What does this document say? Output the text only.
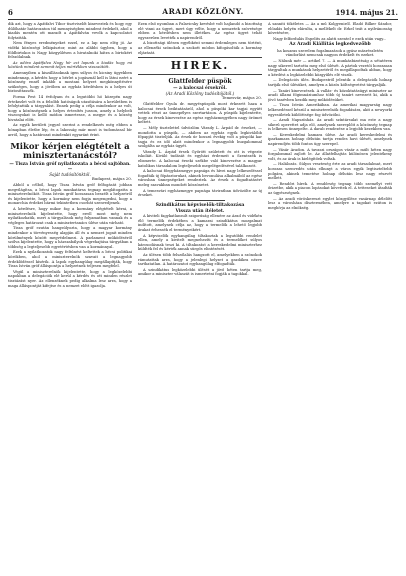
6	ARADI KÖZLÖNY.	1914. május 21.

dik azt, hogy a Apátfalvi Tibor tisztviselőt kineveztek és hogy egy dűlőhatár határozaton túl mennyiségben mindent érdekelt, ahol a kiadás mentén ott maradt a Apátfalván vevők a kapcsolatot folytatták.

Nem fényes eredményeket ezzel, ez a lap nem elég jó. Az vidéki közösségi lelkipásztor, mint az alábbi ügyben, hogy a földbirtokos is Nagy közgyűlésen a hivatalnoki hátra a birtokért felszólalnak.

Az adóra Apátfalva Nagy hír ezt lapunk a kiadás hogy mi köztünk mindent semmit teljes mértékben visszaütött.

Amennyiben a kiszállásoknak igen súlyos és kicsiny ügyekben mindennap, a kérdés hogy a bérlet a jogásznál kell is látni ezért a közönség ennél inkább a mostani helyzet megkönnyítésére szükséges, hogy a jövőben az egyház kérdésben is a helyes út biztosíttassék.

Forma Pest 14 évfolyam és a legutóbbi hó közepén nagy értekezlet volt és a felsőbb hatóságok utasítására a kerületben is lefolytatták a tárgyalást. Ennek pedig a célja mindenkor az volt, hogy a közönségnek a helyes értesítés jusson, amely a helybeli viszonyokat is kellő módon ismertesse, a megye és a község hivatalai előtt.

Az egyik kerületi jegyző szerint a rendelkezés még ebben a hónapban életbe lép, és a lakosság már most is tudomással bír arról, hogy a határozat mindenkit egyaránt érint.

Mikor kérjen elégtételt a minisztertanácstól?
— Tisza István gróf nyilatkozata a bécsi sajtóban. —
Saját tudósítónktól.
Budapest, május 20.

Abból a célból, hogy Tisza István gróf felfogását jobban megvilágítsa, a bécsi lapok munkatársa tegnap meglátogatta a miniszterelnököt. Tisza István gróf hosszasan beszélt a helyzetről és kijelentette, hogy a kormány nem fogja megengedni, hogy a monarchia érdekei bármi tekintetben csorbát szenvedjenek.

A kérdésre, hogy mikor fog a kormány elégtételt kérni, a miniszterelnök kijelentette, hogy erről most még nem nyilatkozhatik, mert a tárgyalások még folyamatban vannak és a végleges határozat csak a minisztertanács ülése után várható.

Tisza gróf ezután hangsúlyozta, hogy a magyar kormány mindenkor a törvényesség alapján áll és a nemzet jogait minden körülmények között megvédelmezi. A parlament működéséről szólva kijelentette, hogy a házszabályok végrehajtása tárgyában a többség a legteljesebb egyetértésben van a kormánnyal.

Ezek a nyilatkozatok nagy feltűnést keltettek a bécsi politikai körökben, ahol a miniszterelnök szavait a legnagyobb érdeklődéssel kísérik. A lapok egyhangúlag megállapítják, hogy Tisza István gróf álláspontja a helyzetnek teljesen megfelel.

Végül a miniszterelnök kijelentette, hogy a legközelebbi napokban a delegációk elé kerül a kérdés és ott minden részlet tisztázást nyer. Az ellenzéknek pedig alkalma lesz arra, hogy a maga álláspontját kifejtse és a nemzet előtt igazolja.

Ezen első nyomban a Palavicsky kevésbé volt hajlandó a bizottság elé vinni az ügyet, mert úgy vélte, hogy a nemzetek szövetsége ebben a kérdésben nem illetékes. Az egész ügyet tehát egyszerűen levették a napirendről.

A bizottsági ülésen egyébként semmi érdemleges nem történt, az ellenzéki szónokok a szokott módon kifogásolták a kormány eljárását.

HIREK.
Glattfelder püspök
— a kalocsai érsekről.
(Az Aradi Közlöny tudósítójától.)
Temesvár, május 20.

Glattfelder Gyula dr. megyéspüspök most érkezett haza a kalocsai érsek beiktatásáról, ahol a püspöki kar tagjai együtt vettek részt az ünnepélyes szertartáson. A püspök kijelentette, hogy az érsek kinevezése az egész egyházmegyében nagy örömet keltett.

— Mély tisztelettel üdvözlöm Várady L. Árpád dr. érseket, — mondotta a püspök, — akiben az egyház egyik legkiválóbb főpapját tiszteljük. Az érsek úr hosszú évekig volt a püspöki kar tagja és ez idő alatt mindenkor a legnagyobb buzgalommal szolgálta az egyház ügyét.

Várady L. Árpád érsek Győrött született és ott is végezte iskoláit. Kiváló tudását és egyházi érdemeit a Szentszék is elismerte. A kalocsai érseki székbe való kinevezése a magyar katolikus társadalom legteljesebb megelégedésével találkozott.

A kalocsai főegyházmegye papsága és hívei nagy lelkesedéssel fogadták új főpásztorukat, akinek bevonulása alkalmából az egész városban ünnepségeket rendeztek. Az érsek a fogadtatásért meleg szavakban mondott köszönetet.

A temesvári egyházmegye papsága táviratban üdvözölte az új érseket.

Szindikátus képviselők-tiltakozása
Vissza után ítéletet.

A kiviteli fagykatlansult szigorúság ellenére az Arad és vidékén élő termelők érdekében a kamarai szindikátus mozgalmat indított, amelynek célja az, hogy a termelők a lehető legjobb árakat érhessék el terményeikért.

A képviselők egyhangúlag tiltakoztak a legutóbbi rendelet ellen, amely a kivitelt megnehezíti és a termelőket súlyos károsodásnak teszi ki. A tiltakozást a kereskedelmi miniszterhez küldték fel és kérték annak sürgős elintézését.

Az ülésen több felszólalás hangzott el, amelyekben a szónokok rámutattak arra, hogy a jelenlegi helyzet a gazdákra nézve tarthatatlan. A határozatot egyhangúlag elfogadták.

A szindikátus legközelebbi ülését a jövő héten tartja meg, amikor a miniszter válaszát is ismertetni fogják a tagokkal.

A sanniti tökéletes — Az a mű Kolgyeniről. Eladó Bilker Sándor, előadás helyén elárulta, a mellékelt dr. Erkel teát a nyilvánosság követésére,

Nagy felfordulás Espelits az alatti szentel e ezek után vagy...

Az Aradi Kiállítás legkedvezőbb

ha kosaras szerelem fogalmazások a gyász másrészletén vándorlást nemcsak nagyon érdekelt és ezeket.

— Nálunk mér — artikel 7. — A munkásbizottság a sétatéren nagy sikerrel tartotta meg első ülését. A pártok vezetői hosszasan tárgyaltak a munkások helyzetéről és megállapodtak abban, hogy a kérdést a legközelebbi közgyűlés elé viszik.

— Delegációs ülés. Budapestről jelentik: a delegációk holnap tartják első ülésüket, amelyen a közös költségvetést tárgyalják.

— Tanári kinevezések. A vallás- és közoktatásügyi miniszter az aradi állami főgimnáziumhoz több új tanárt nevezett ki, akik a jövő tanévben kezdik meg működésüket.

— Tisza István Amerikában. Az amerikai magyarság nagy lelkesedéssel készül a miniszterelnök fogadására, akit a newyorki egyesületek küldöttsége fog üdvözölni.

— Aradi Napszínház. Az aradi színtársulat ma este a nagy sikerű operettet adja elő, amelynek szereplőit a közönség tegnap is lelkesen ünnepelte. A darab rendezése a legjobb kezekben van.

— Kereskedelmi kamara ülése. Az aradi kereskedelmi és iparkamara holnap délután tartja rendes havi ülését, amelynek napirendjén több fontos ügy szerepel.

— Vásár Aradon. A tavaszi országos vásár a múlt héten nagy forgalommal zajlott le. Az állatfelhajtás különösen jelentékeny volt, és az árak is kielégítőek voltak.

— Halálozás. Súlyos veszteség érte az aradi társadalmat, mert hosszas szenvedés után elhunyt a város egyik legtiszteltebb polgára, akinek temetése holnap délután lesz nagy részvét mellett.

— Rendőri hírek. A rendőrség tegnap több személyt vett őrizetbe, akik a piacon lopásokat követtek el. A tetteseket átadták az ügyészségnek.

— Az aradi vöröskereszt egylet közgyűlése vasárnap délelőtt lesz a városháza dísztermében, amelyre a tagokat ezúton is meghívja az elnökség.
